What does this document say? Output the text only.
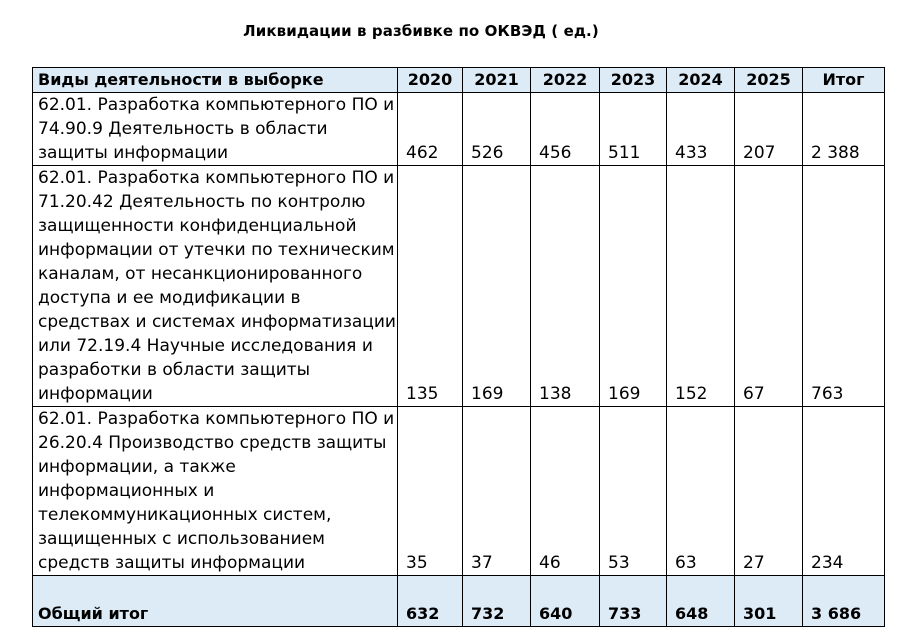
Ликвидации в разбивке по ОКВЭД ( ед.)
Виды деятельности в выборке	2020	2021	2022	2023	2024	2025	Итог
62.01. Разработка компьютерного ПО и 74.90.9 Деятельность в области защиты информации	462	526	456	511	433	207	2 388
62.01. Разработка компьютерного ПО и 71.20.42 Деятельность по контролю защищенности конфиденциальной информации от утечки по техническим каналам, от несанкционированного доступа и ее модификации в средствах и системах информатизации или 72.19.4 Научные исследования и разработки в области защиты информации	135	169	138	169	152	67	763
62.01. Разработка компьютерного ПО и 26.20.4 Производство средств защиты информации, а также информационных и телекоммуникационных систем, защищенных с использованием средств защиты информации	35	37	46	53	63	27	234
Общий итог	632	732	640	733	648	301	3 686
